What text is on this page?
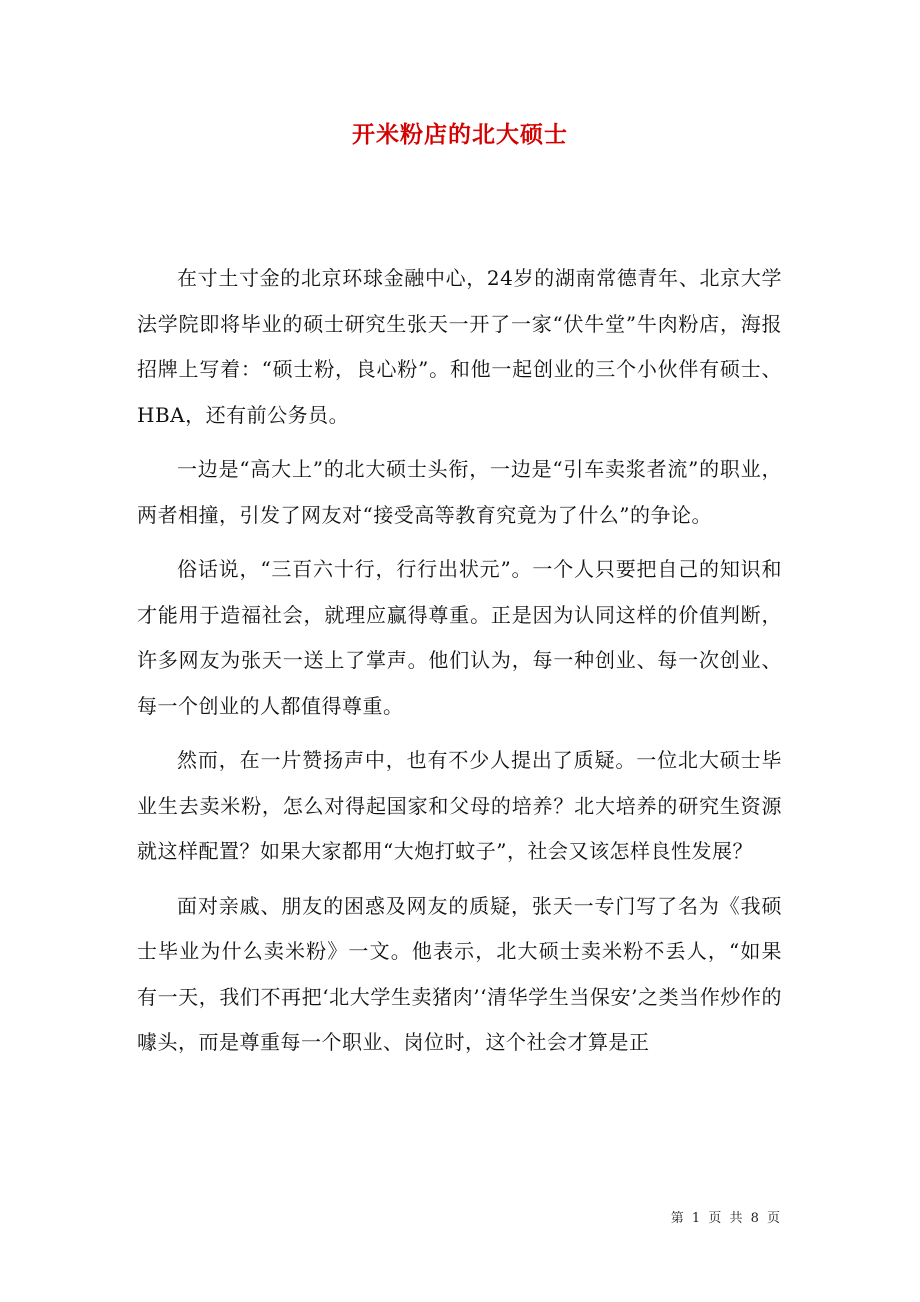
开米粉店的北大硕士

在寸土寸金的北京环球金融中心，24岁的湖南常德青年、北京大学法学院即将毕业的硕士研究生张天一开了一家“伏牛堂”牛肉粉店，海报招牌上写着：“硕士粉，良心粉”。和他一起创业的三个小伙伴有硕士、HBA，还有前公务员。

一边是“高大上”的北大硕士头衔，一边是“引车卖浆者流”的职业，两者相撞，引发了网友对“接受高等教育究竟为了什么”的争论。

俗话说，“三百六十行，行行出状元”。一个人只要把自己的知识和才能用于造福社会，就理应赢得尊重。正是因为认同这样的价值判断，许多网友为张天一送上了掌声。他们认为，每一种创业、每一次创业、每一个创业的人都值得尊重。

然而，在一片赞扬声中，也有不少人提出了质疑。一位北大硕士毕业生去卖米粉，怎么对得起国家和父母的培养？北大培养的研究生资源就这样配置？如果大家都用“大炮打蚊子”，社会又该怎样良性发展？

面对亲戚、朋友的困惑及网友的质疑，张天一专门写了名为《我硕士毕业为什么卖米粉》一文。他表示，北大硕士卖米粉不丢人，“如果有一天，我们不再把‘北大学生卖猪肉’‘清华学生当保安’之类当作炒作的噱头，而是尊重每一个职业、岗位时，这个社会才算是正

第 1 页 共 8 页
